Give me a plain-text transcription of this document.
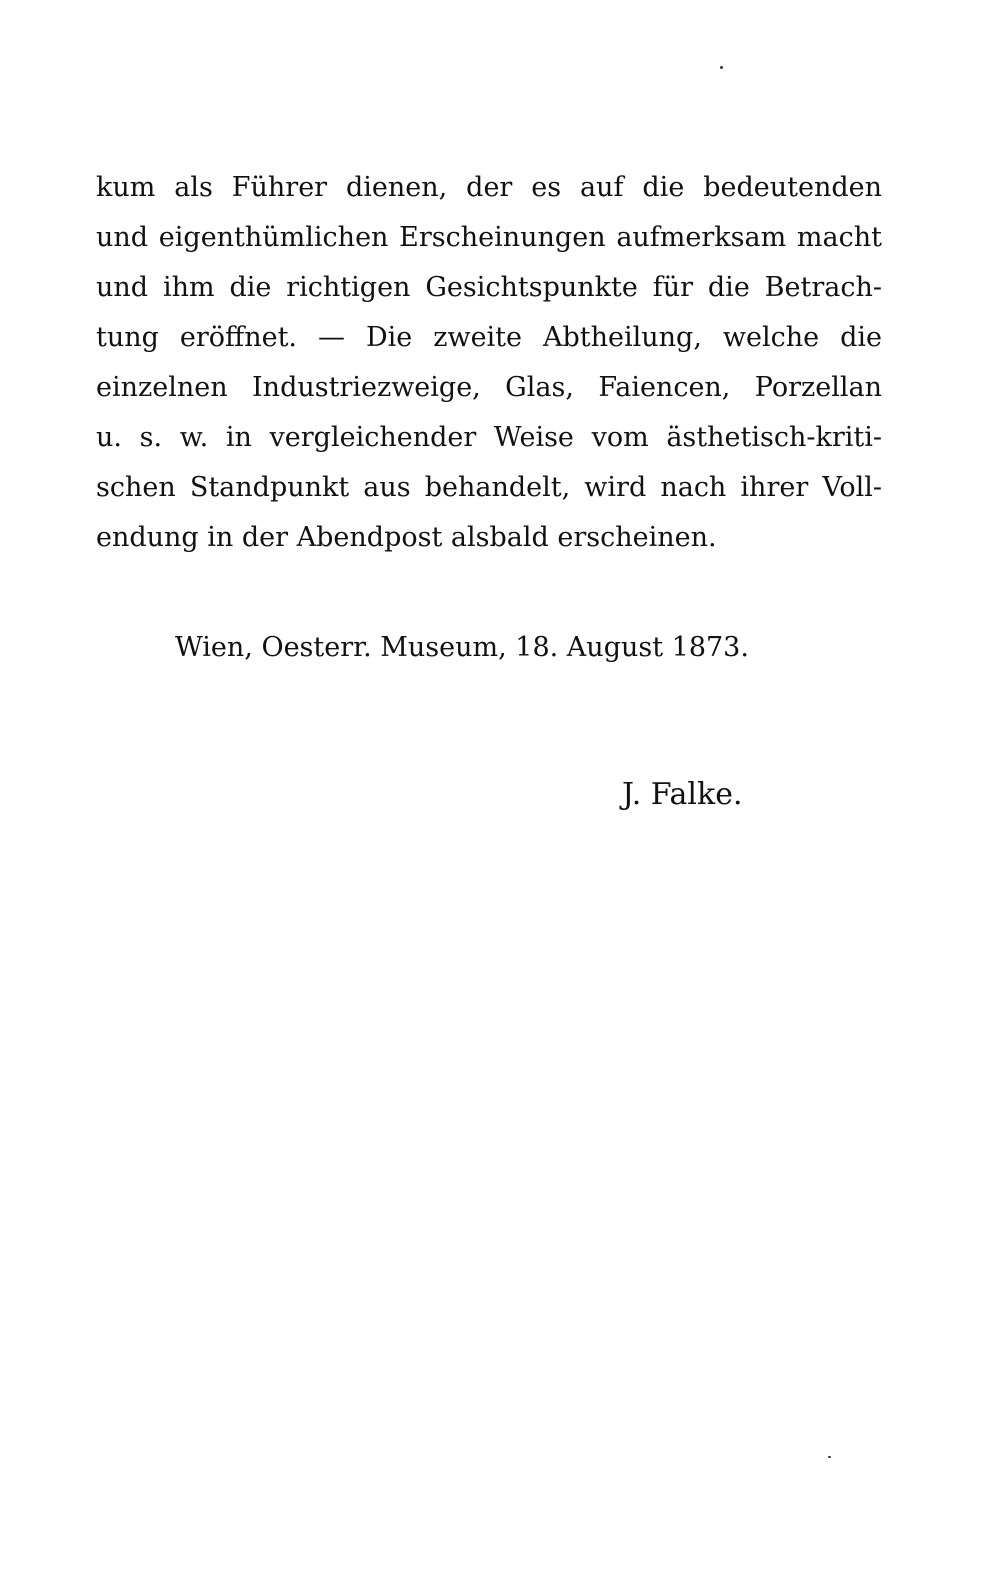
kum als Führer dienen, der es auf die bedeutenden
und eigenthümlichen Erscheinungen aufmerksam macht
und ihm die richtigen Gesichtspunkte für die Betrach-
tung eröffnet. — Die zweite Abtheilung, welche die
einzelnen Industriezweige, Glas, Faiencen, Porzellan
u. s. w. in vergleichender Weise vom ästhetisch-kriti-
schen Standpunkt aus behandelt, wird nach ihrer Voll-
endung in der Abendpost alsbald erscheinen.
Wien, Oesterr. Museum, 18. August 1873.
J. Falke.
